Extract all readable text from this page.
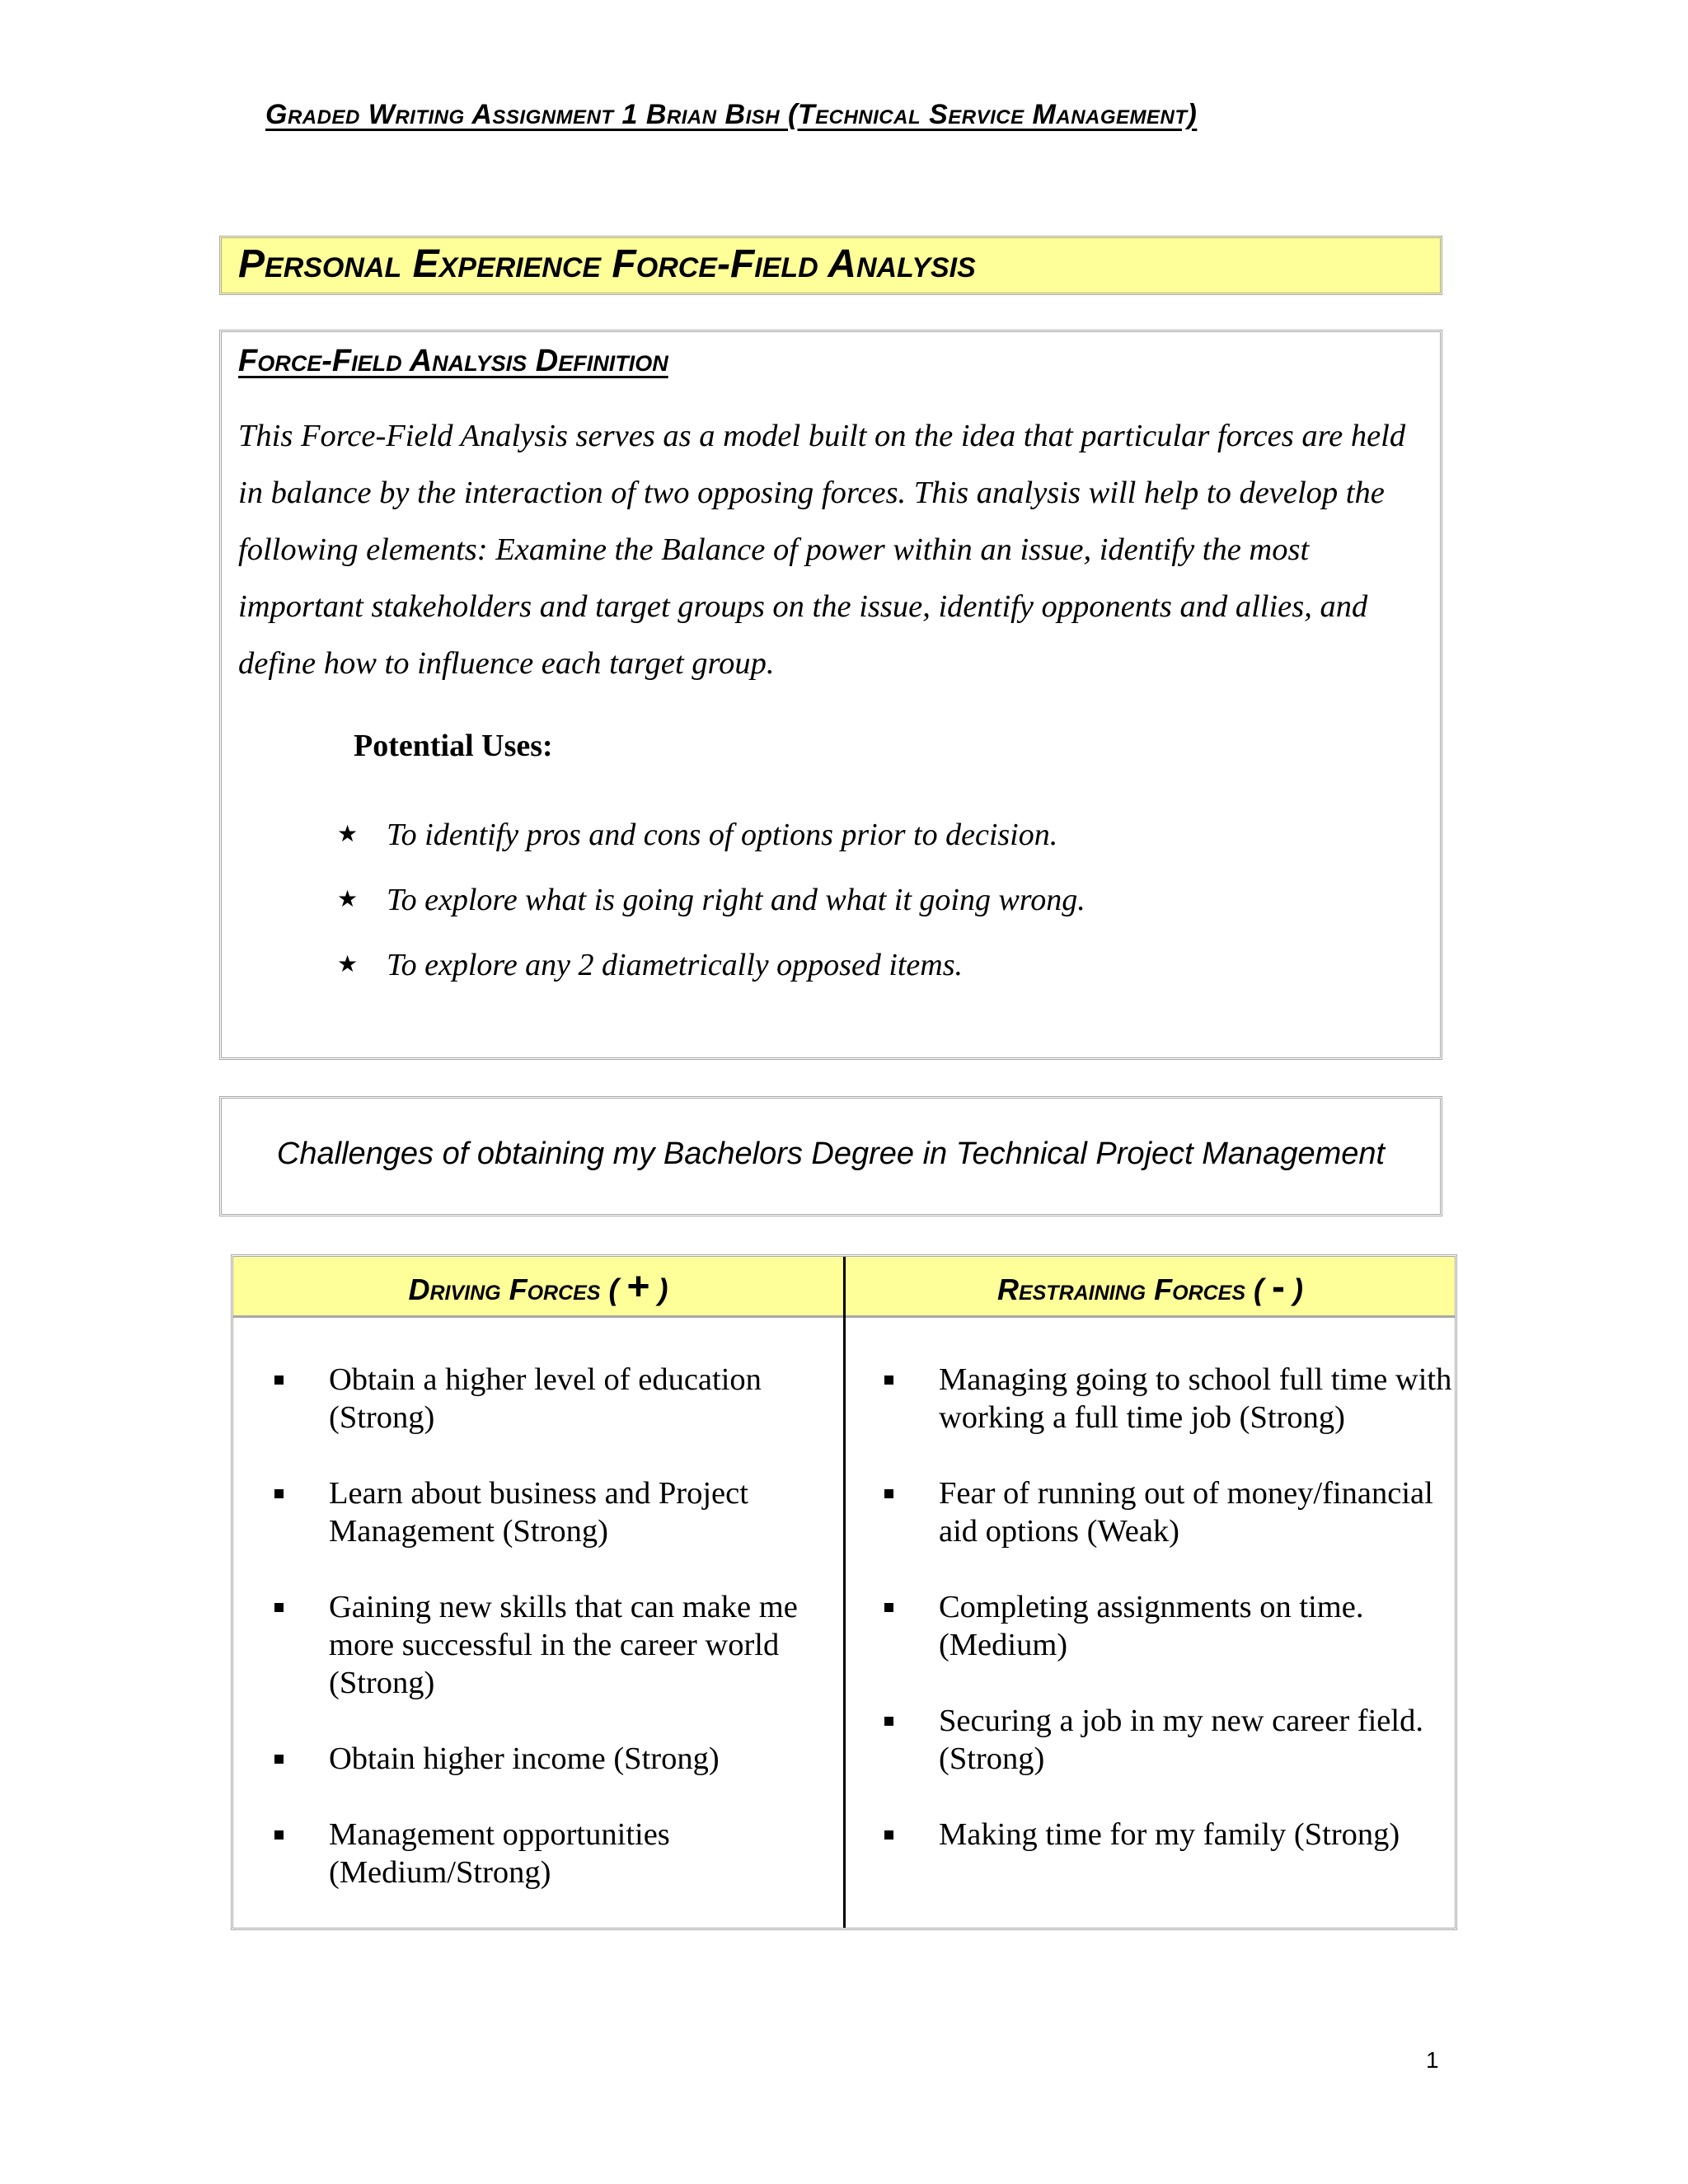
Graded Writing Assignment 1 Brian Bish (Technical Service Management)
Personal Experience Force-Field Analysis
Force-Field Analysis Definition
This Force-Field Analysis serves as a model built on the idea that particular forces are held in balance by the interaction of two opposing forces. This analysis will help to develop the following elements: Examine the Balance of power within an issue, identify the most important stakeholders and target groups on the issue, identify opponents and allies, and define how to influence each target group.
Potential Uses:
★ To identify pros and cons of options prior to decision.
★ To explore what is going right and what it going wrong.
★ To explore any 2 diametrically opposed items.
Challenges of obtaining my Bachelors Degree in Technical Project Management
Driving Forces ( + )	Restraining Forces ( - )
Obtain a higher level of education (Strong)
Learn about business and Project Management (Strong)
Gaining new skills that can make me more successful in the career world (Strong)
Obtain higher income (Strong)
Management opportunities (Medium/Strong)
Managing going to school full time with working a full time job (Strong)
Fear of running out of money/financial aid options (Weak)
Completing assignments on time. (Medium)
Securing a job in my new career field. (Strong)
Making time for my family (Strong)
1
